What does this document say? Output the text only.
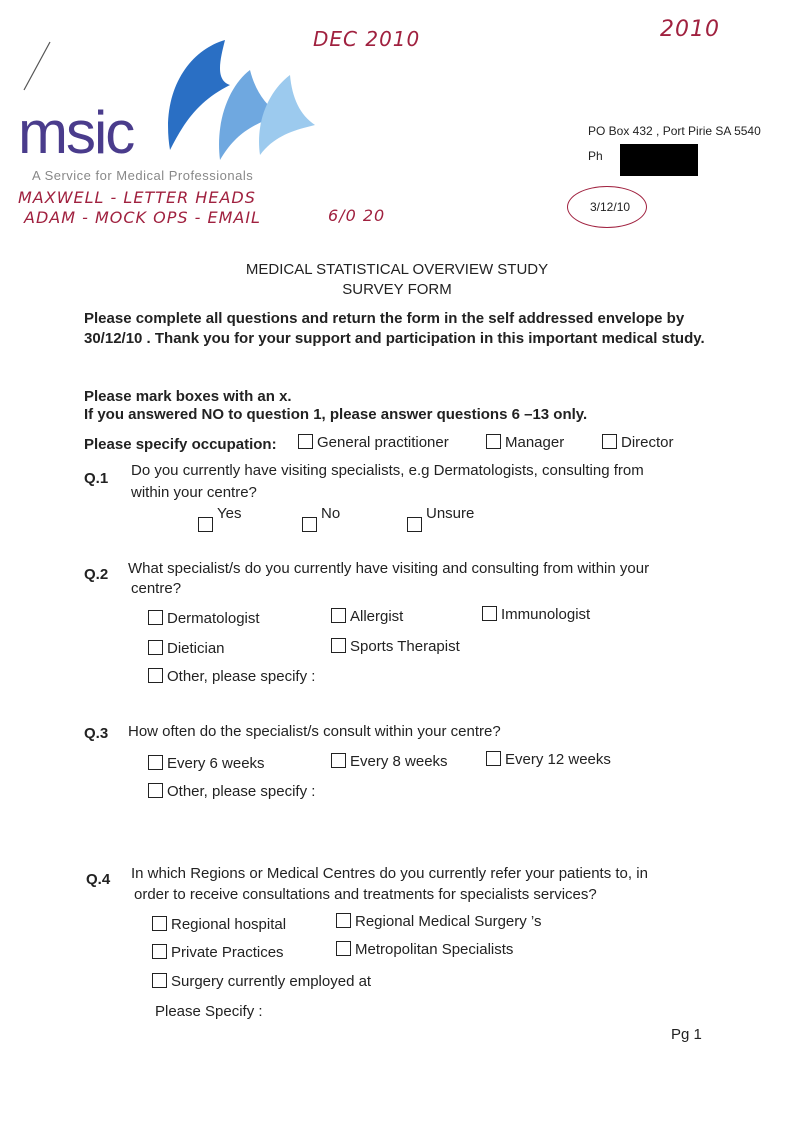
DEC 2010	2010
msic
A Service for Medical Professionals
MAXWELL - LETTER HEADS
ADAM - MOCK OPS - EMAIL	6/0 20
PO Box 432 , Port Pirie SA 5540
Ph
3/12/10
MEDICAL STATISTICAL OVERVIEW STUDY
SURVEY FORM
Please complete all questions and return the form in the self addressed envelope by
30/12/10 . Thank you for your support and participation in this important medical study.
Please mark boxes with an x.
If you answered NO to question 1, please answer questions 6 –13 only.
Please specify occupation:	General practitioner	Manager	Director
Q.1 Do you currently have visiting specialists, e.g Dermatologists, consulting from
within your centre?
Yes	No	Unsure
Q.2 What specialist/s do you currently have visiting and consulting from within your
centre?
Dermatologist	Allergist	Immunologist
Dietician	Sports Therapist
Other, please specify :
Q.3 How often do the specialist/s consult within your centre?
Every 6 weeks	Every 8 weeks	Every 12 weeks
Other, please specify :
Q.4 In which Regions or Medical Centres do you currently refer your patients to, in
order to receive consultations and treatments for specialists services?
Regional hospital	Regional Medical Surgery ’s
Private Practices	Metropolitan Specialists
Surgery currently employed at
Please Specify :
Pg 1
